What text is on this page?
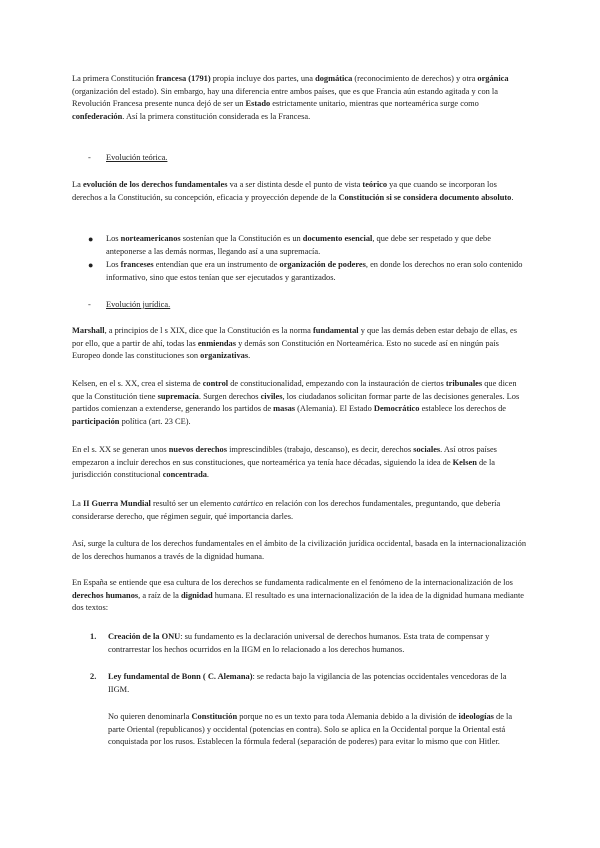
La primera Constitución francesa (1791) propia incluye dos partes, una dogmática (reconocimiento de derechos) y otra orgánica (organización del estado). Sin embargo, hay una diferencia entre ambos países, que es que Francia aún estando agitada y con la Revolución Francesa presente nunca dejó de ser un Estado estrictamente unitario, mientras que norteamérica surge como confederación. Así la primera constitución considerada es la Francesa.

-	Evolución teórica.

La evolución de los derechos fundamentales va a ser distinta desde el punto de vista teórico ya que cuando se incorporan los derechos a la Constitución, su concepción, eficacia y proyección depende de la Constitución si se considera documento absoluto.

●	Los norteamericanos sostenían que la Constitución es un documento esencial, que debe ser respetado y que debe anteponerse a las demás normas, llegando así a una supremacía.
●	Los franceses entendían que era un instrumento de organización de poderes, en donde los derechos no eran solo contenido informativo, sino que estos tenían que ser ejecutados y garantizados.
-	Evolución jurídica.

Marshall, a principios de l s XIX, dice que la Constitución es la norma fundamental y que las demás deben estar debajo de ellas, es por ello, que a partir de ahí, todas las enmiendas y demás son Constitución en Norteamérica. Esto no sucede así en ningún país Europeo donde las constituciones son organizativas.

Kelsen, en el s. XX, crea el sistema de control de constitucionalidad, empezando con la instauración de ciertos tribunales que dicen que la Constitución tiene supremacía. Surgen derechos civiles, los ciudadanos solicitan formar parte de las decisiones generales. Los partidos comienzan a extenderse, generando los partidos de masas (Alemania). El Estado Democrático establece los derechos de participación política (art. 23 CE).

En el s. XX se generan unos nuevos derechos imprescindibles (trabajo, descanso), es decir, derechos sociales. Así otros países empezaron a incluir derechos en sus constituciones, que norteamérica ya tenía hace décadas, siguiendo la idea de Kelsen de la jurisdicción constitucional concentrada.

La II Guerra Mundial resultó ser un elemento catártico en relación con los derechos fundamentales, preguntando, que debería considerarse derecho, que régimen seguir, qué importancia darles.

Así, surge la cultura de los derechos fundamentales en el ámbito de la civilización jurídica occidental, basada en la internacionalización de los derechos humanos a través de la dignidad humana.

En España se entiende que esa cultura de los derechos se fundamenta radicalmente en el fenómeno de la internacionalización de los derechos humanos, a raíz de la dignidad humana. El resultado es una internacionalización de la idea de la dignidad humana mediante dos textos:

1.	Creación de la ONU: su fundamento es la declaración universal de derechos humanos. Esta trata de compensar y contrarrestar los hechos ocurridos en la IIGM en lo relacionado a los derechos humanos.
2.	Ley fundamental de Bonn ( C. Alemana): se redacta bajo la vigilancia de las potencias occidentales vencedoras de la IIGM.

No quieren denominarla Constitución porque no es un texto para toda Alemania debido a la división de ideologías de la parte Oriental (republicanos) y occidental (potencias en contra). Solo se aplica en la Occidental porque la Oriental está conquistada por los rusos. Establecen la fórmula federal (separación de poderes) para evitar lo mismo que con Hitler.
